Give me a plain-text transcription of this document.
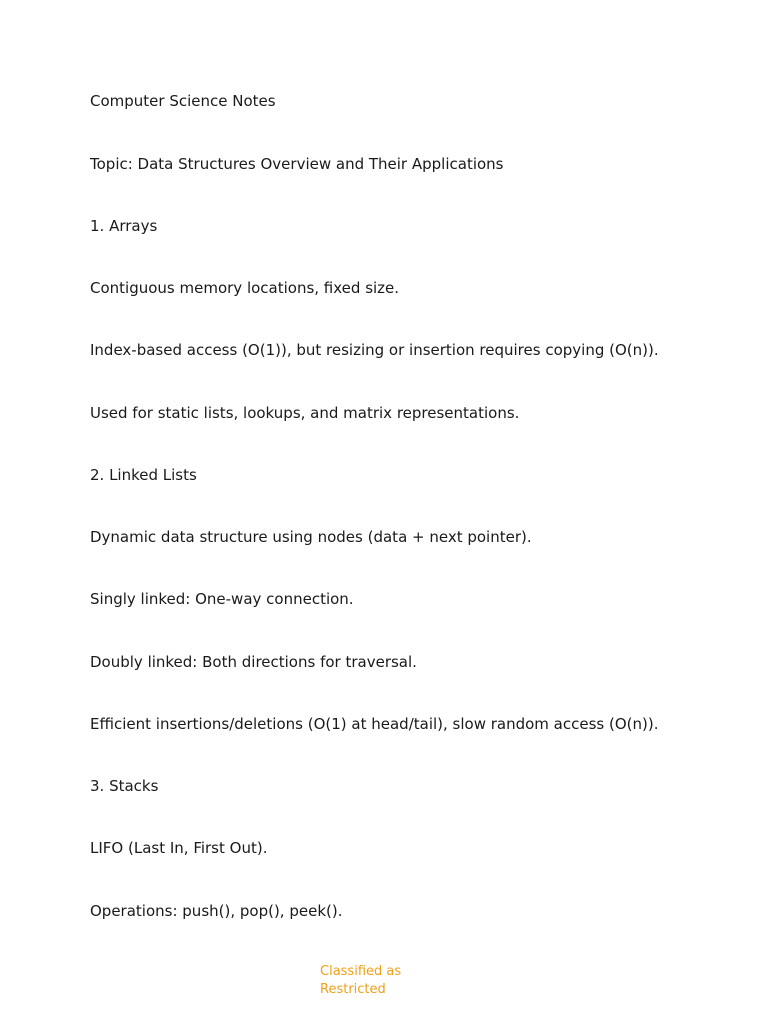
Computer Science Notes
Topic: Data Structures Overview and Their Applications
1. Arrays
Contiguous memory locations, fixed size.
Index-based access (O(1)), but resizing or insertion requires copying (O(n)).
Used for static lists, lookups, and matrix representations.
2. Linked Lists
Dynamic data structure using nodes (data + next pointer).
Singly linked: One-way connection.
Doubly linked: Both directions for traversal.
Efficient insertions/deletions (O(1) at head/tail), slow random access (O(n)).
3. Stacks
LIFO (Last In, First Out).
Operations: push(), pop(), peek().
Classified as
Restricted
